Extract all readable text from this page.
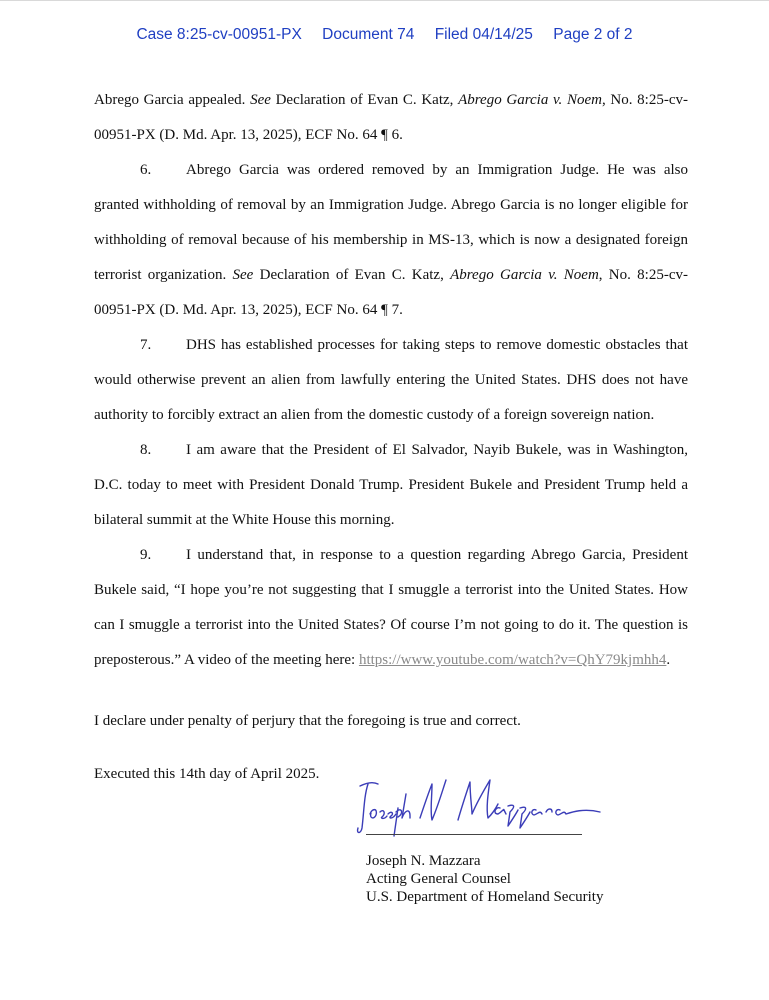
Case 8:25-cv-00951-PX Document 74 Filed 04/14/25 Page 2 of 2

Abrego Garcia appealed. See Declaration of Evan C. Katz, Abrego Garcia v. Noem, No. 8:25-cv-00951-PX (D. Md. Apr. 13, 2025), ECF No. 64 ¶ 6.

6. Abrego Garcia was ordered removed by an Immigration Judge. He was also granted withholding of removal by an Immigration Judge. Abrego Garcia is no longer eligible for withholding of removal because of his membership in MS-13, which is now a designated foreign terrorist organization. See Declaration of Evan C. Katz, Abrego Garcia v. Noem, No. 8:25-cv-00951-PX (D. Md. Apr. 13, 2025), ECF No. 64 ¶ 7.

7. DHS has established processes for taking steps to remove domestic obstacles that would otherwise prevent an alien from lawfully entering the United States. DHS does not have authority to forcibly extract an alien from the domestic custody of a foreign sovereign nation.

8. I am aware that the President of El Salvador, Nayib Bukele, was in Washington, D.C. today to meet with President Donald Trump. President Bukele and President Trump held a bilateral summit at the White House this morning.

9. I understand that, in response to a question regarding Abrego Garcia, President Bukele said, “I hope you’re not suggesting that I smuggle a terrorist into the United States. How can I smuggle a terrorist into the United States? Of course I’m not going to do it. The question is preposterous.” A video of the meeting here: https://www.youtube.com/watch?v=QhY79kjmhh4.

I declare under penalty of perjury that the foregoing is true and correct.
Executed this 14th day of April 2025.
Joseph N. Mazzara
Acting General Counsel
U.S. Department of Homeland Security
